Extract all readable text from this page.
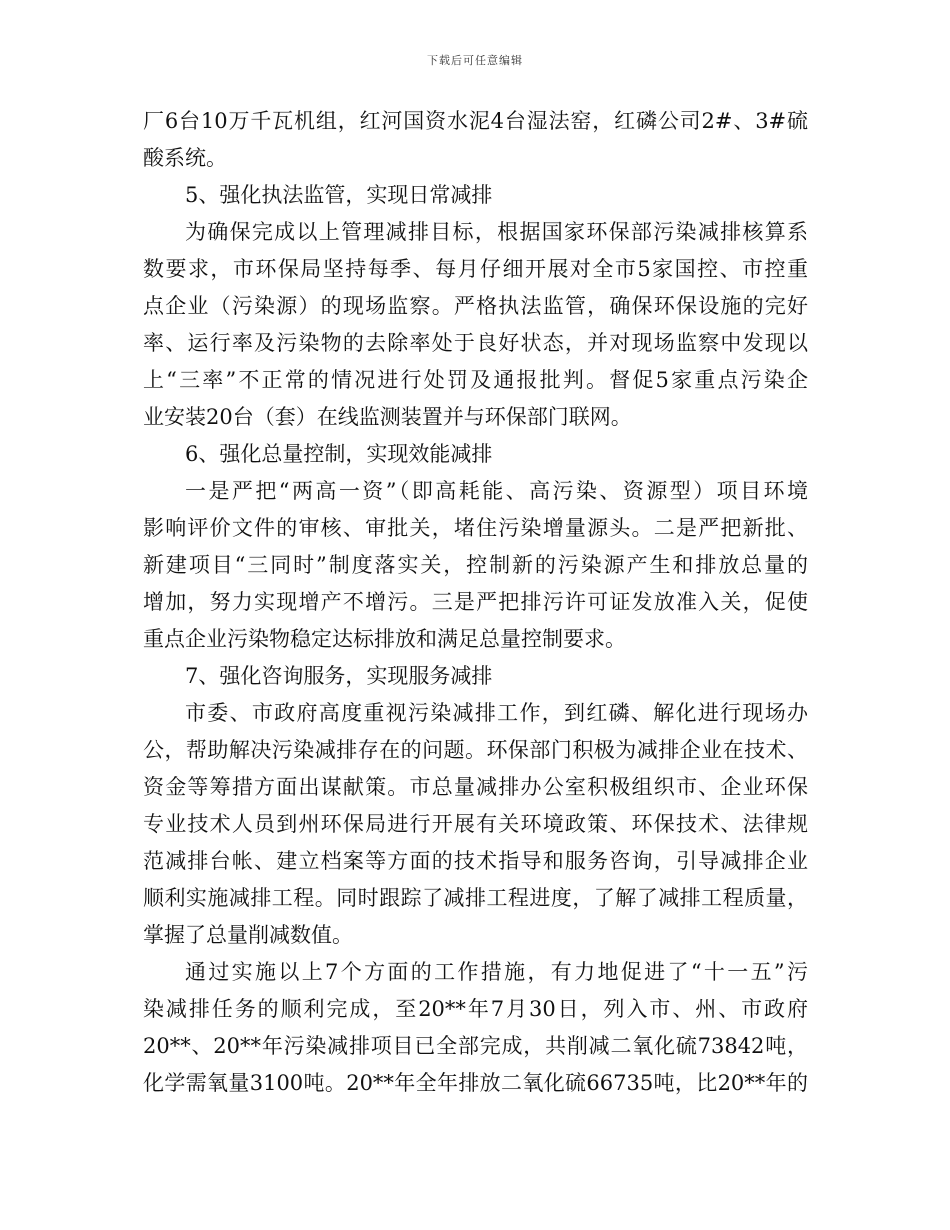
下载后可任意编辑
厂6台10万千瓦机组，红河国资水泥4台湿法窑，红磷公司2#、3#硫
酸系统。
5、强化执法监管，实现日常减排
为确保完成以上管理减排目标，根据国家环保部污染减排核算系
数要求，市环保局坚持每季、每月仔细开展对全市5家国控、市控重
点企业（污染源）的现场监察。严格执法监管，确保环保设施的完好
率、运行率及污染物的去除率处于良好状态，并对现场监察中发现以
上“三率”不正常的情况进行处罚及通报批判。督促5家重点污染企
业安装20台（套）在线监测装置并与环保部门联网。
6、强化总量控制，实现效能减排
一是严把“两高一资”（即高耗能、高污染、资源型）项目环境
影响评价文件的审核、审批关，堵住污染增量源头。二是严把新批、
新建项目“三同时”制度落实关，控制新的污染源产生和排放总量的
增加，努力实现增产不增污。三是严把排污许可证发放准入关，促使
重点企业污染物稳定达标排放和满足总量控制要求。
7、强化咨询服务，实现服务减排
市委、市政府高度重视污染减排工作，到红磷、解化进行现场办
公，帮助解决污染减排存在的问题。环保部门积极为减排企业在技术、
资金等筹措方面出谋献策。市总量减排办公室积极组织市、企业环保
专业技术人员到州环保局进行开展有关环境政策、环保技术、法律规
范减排台帐、建立档案等方面的技术指导和服务咨询，引导减排企业
顺利实施减排工程。同时跟踪了减排工程进度，了解了减排工程质量，
掌握了总量削减数值。
通过实施以上7个方面的工作措施，有力地促进了“十一五”污
染减排任务的顺利完成，至20**年7月30日，列入市、州、市政府
20**、20**年污染减排项目已全部完成，共削减二氧化硫73842吨，
化学需氧量3100吨。20**年全年排放二氧化硫66735吨，比20**年的
